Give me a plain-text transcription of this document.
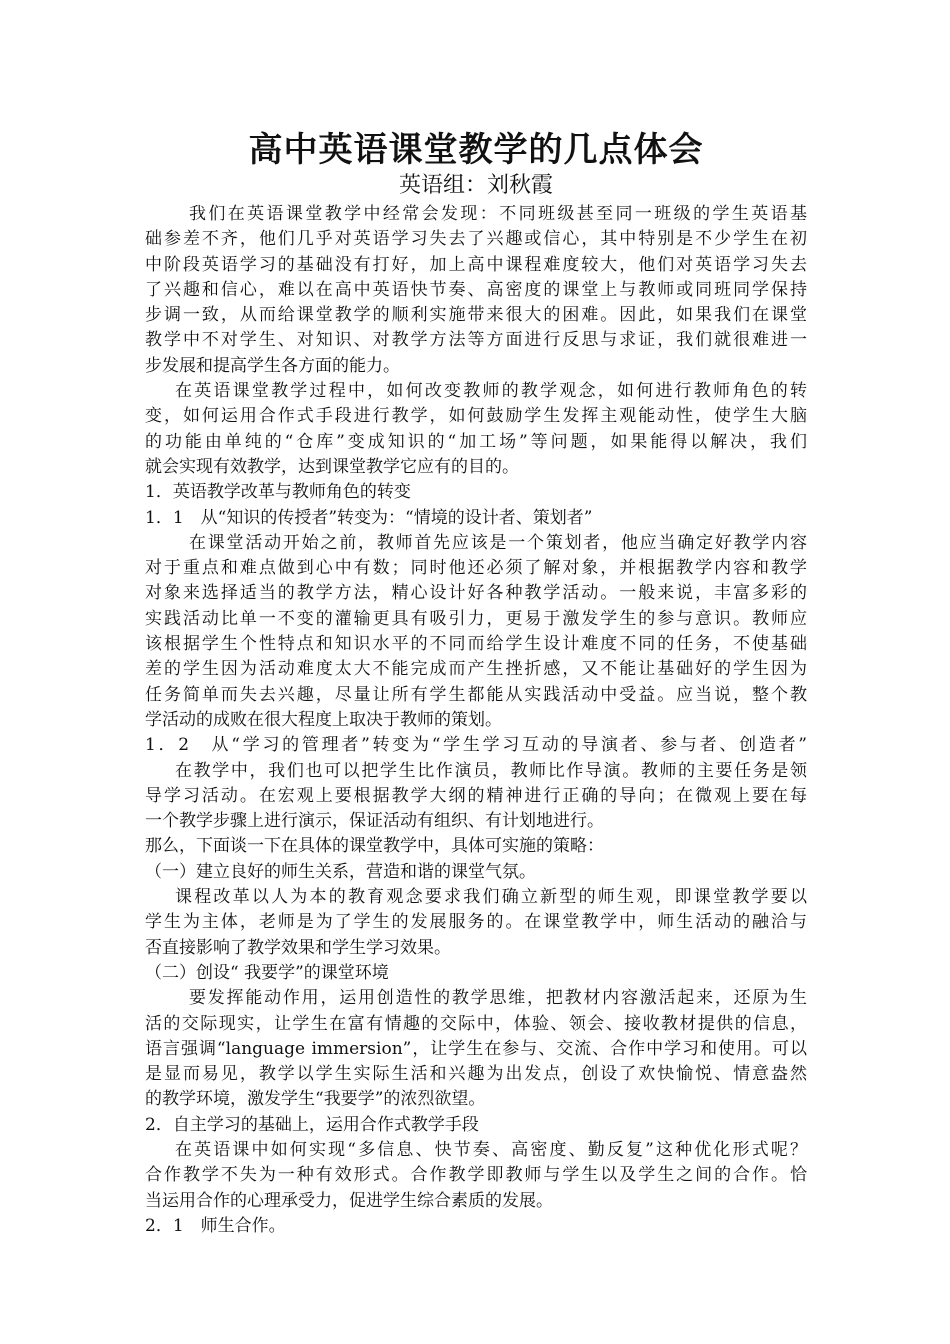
高中英语课堂教学的几点体会
英语组：刘秋霞

我们在英语课堂教学中经常会发现：不同班级甚至同一班级的学生英语基

础参差不齐，他们几乎对英语学习失去了兴趣或信心，其中特别是不少学生在初

中阶段英语学习的基础没有打好，加上高中课程难度较大，他们对英语学习失去

了兴趣和信心，难以在高中英语快节奏、高密度的课堂上与教师或同班同学保持

步调一致，从而给课堂教学的顺利实施带来很大的困难。因此，如果我们在课堂

教学中不对学生、对知识、对教学方法等方面进行反思与求证，我们就很难进一

步发展和提高学生各方面的能力。

在英语课堂教学过程中，如何改变教师的教学观念，如何进行教师角色的转

变，如何运用合作式手段进行教学，如何鼓励学生发挥主观能动性，使学生大脑

的功能由单纯的“仓库”变成知识的“加工场”等问题，如果能得以解决，我们

就会实现有效教学，达到课堂教学它应有的目的。

1．英语教学改革与教师角色的转变

1．1　从“知识的传授者”转变为：“情境的设计者、策划者”

在课堂活动开始之前，教师首先应该是一个策划者，他应当确定好教学内容

对于重点和难点做到心中有数；同时他还必须了解对象，并根据教学内容和教学

对象来选择适当的教学方法，精心设计好各种教学活动。一般来说，丰富多彩的

实践活动比单一不变的灌输更具有吸引力，更易于激发学生的参与意识。教师应

该根据学生个性特点和知识水平的不同而给学生设计难度不同的任务，不使基础

差的学生因为活动难度太大不能完成而产生挫折感，又不能让基础好的学生因为

任务简单而失去兴趣，尽量让所有学生都能从实践活动中受益。应当说，整个教

学活动的成败在很大程度上取决于教师的策划。

1．2　从“学习的管理者”转变为“学生学习互动的导演者、参与者、创造者”

在教学中，我们也可以把学生比作演员，教师比作导演。教师的主要任务是领

导学习活动。在宏观上要根据教学大纲的精神进行正确的导向；在微观上要在每

一个教学步骤上进行演示，保证活动有组织、有计划地进行。

那么，下面谈一下在具体的课堂教学中，具体可实施的策略：

（一）建立良好的师生关系，营造和谐的课堂气氛。

课程改革以人为本的教育观念要求我们确立新型的师生观，即课堂教学要以

学生为主体，老师是为了学生的发展服务的。在课堂教学中，师生活动的融洽与

否直接影响了教学效果和学生学习效果。

（二）创设“ 我要学”的课堂环境

要发挥能动作用，运用创造性的教学思维，把教材内容激活起来，还原为生

活的交际现实，让学生在富有情趣的交际中，体验、领会、接收教材提供的信息，

语言强调“language immersion”，让学生在参与、交流、合作中学习和使用。可以

是显而易见，教学以学生实际生活和兴趣为出发点，创设了欢快愉悦、情意盎然

的教学环境，激发学生“我要学”的浓烈欲望。

2．自主学习的基础上，运用合作式教学手段

在英语课中如何实现“多信息、快节奏、高密度、勤反复”这种优化形式呢？

合作教学不失为一种有效形式。合作教学即教师与学生以及学生之间的合作。恰

当运用合作的心理承受力，促进学生综合素质的发展。

2．1　师生合作。
